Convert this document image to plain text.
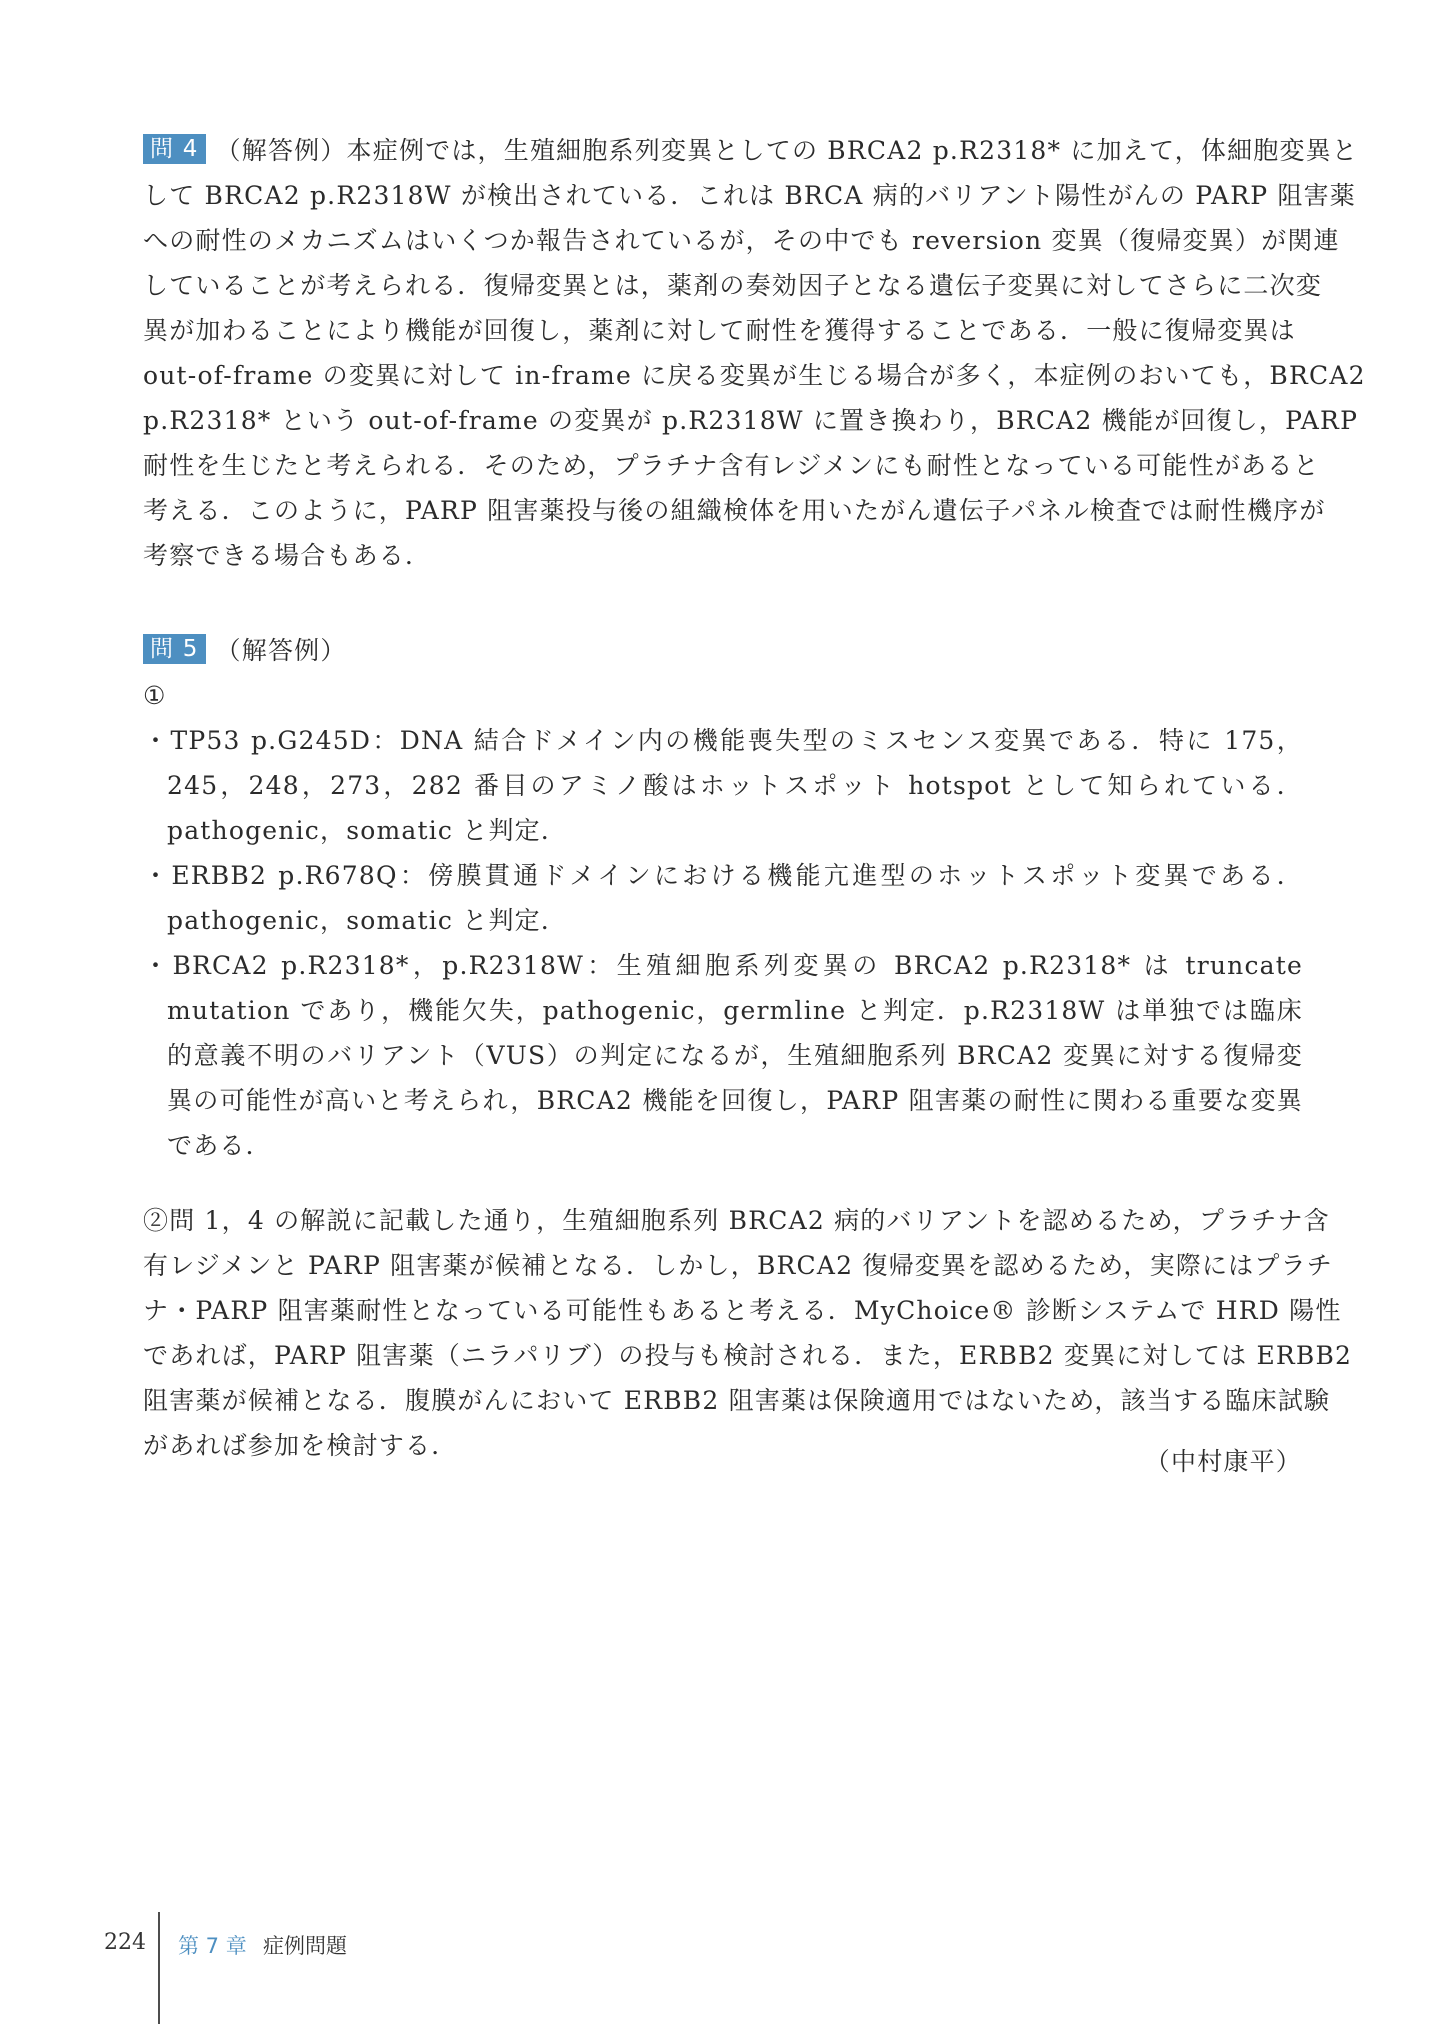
問 4 （解答例）本症例では，生殖細胞系列変異としての BRCA2 p.R2318* に加えて，体細胞変異と
して BRCA2 p.R2318W が検出されている．これは BRCA 病的バリアント陽性がんの PARP 阻害薬
への耐性のメカニズムはいくつか報告されているが，その中でも reversion 変異（復帰変異）が関連
していることが考えられる．復帰変異とは，薬剤の奏効因子となる遺伝子変異に対してさらに二次変
異が加わることにより機能が回復し，薬剤に対して耐性を獲得することである．一般に復帰変異は
out-of-frame の変異に対して in-frame に戻る変異が生じる場合が多く，本症例のおいても，BRCA2
p.R2318* という out-of-frame の変異が p.R2318W に置き換わり，BRCA2 機能が回復し，PARP
耐性を生じたと考えられる．そのため，プラチナ含有レジメンにも耐性となっている可能性があると
考える．このように，PARP 阻害薬投与後の組織検体を用いたがん遺伝子パネル検査では耐性機序が
考察できる場合もある．

問 5 （解答例）

①

・TP53 p.G245D：DNA 結合ドメイン内の機能喪失型のミスセンス変異である．特に 175，245，248，273，282 番目のアミノ酸はホットスポット hotspot として知られている．pathogenic，somatic と判定．
・ERBB2 p.R678Q：傍膜貫通ドメインにおける機能亢進型のホットスポット変異である．pathogenic，somatic と判定．
・BRCA2 p.R2318*，p.R2318W：生殖細胞系列変異の BRCA2 p.R2318* は truncate mutation であり，機能欠失，pathogenic，germline と判定．p.R2318W は単独では臨床的意義不明のバリアント（VUS）の判定になるが，生殖細胞系列 BRCA2 変異に対する復帰変異の可能性が高いと考えられ，BRCA2 機能を回復し，PARP 阻害薬の耐性に関わる重要な変異である．

②問 1，4 の解説に記載した通り，生殖細胞系列 BRCA2 病的バリアントを認めるため，プラチナ含
有レジメンと PARP 阻害薬が候補となる．しかし，BRCA2 復帰変異を認めるため，実際にはプラチ
ナ・PARP 阻害薬耐性となっている可能性もあると考える．MyChoice® 診断システムで HRD 陽性
であれば，PARP 阻害薬（ニラパリブ）の投与も検討される．また，ERBB2 変異に対しては ERBB2
阻害薬が候補となる．腹膜がんにおいて ERBB2 阻害薬は保険適用ではないため，該当する臨床試験
があれば参加を検討する．

（中村康平）
224 第 7 章 症例問題
